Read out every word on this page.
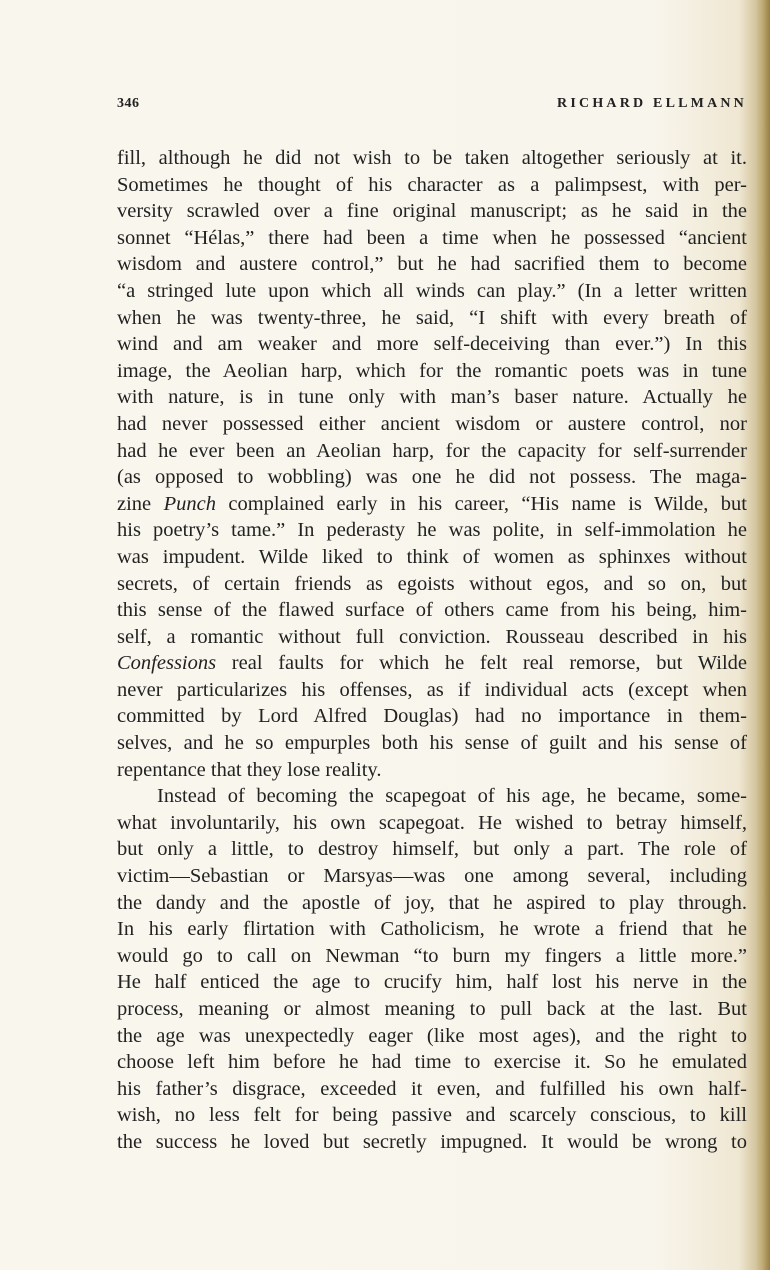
346	RICHARD ELLMANN
fill, although he did not wish to be taken altogether seriously at it.
Sometimes he thought of his character as a palimpsest, with per-
versity scrawled over a fine original manuscript; as he said in the
sonnet “Hélas,” there had been a time when he possessed “ancient
wisdom and austere control,” but he had sacrified them to become
“a stringed lute upon which all winds can play.” (In a letter written
when he was twenty-three, he said, “I shift with every breath of
wind and am weaker and more self-deceiving than ever.”) In this
image, the Aeolian harp, which for the romantic poets was in tune
with nature, is in tune only with man’s baser nature. Actually he
had never possessed either ancient wisdom or austere control, nor
had he ever been an Aeolian harp, for the capacity for self-surrender
(as opposed to wobbling) was one he did not possess. The maga-
zine Punch complained early in his career, “His name is Wilde, but
his poetry’s tame.” In pederasty he was polite, in self-immolation he
was impudent. Wilde liked to think of women as sphinxes without
secrets, of certain friends as egoists without egos, and so on, but
this sense of the flawed surface of others came from his being, him-
self, a romantic without full conviction. Rousseau described in his
Confessions real faults for which he felt real remorse, but Wilde
never particularizes his offenses, as if individual acts (except when
committed by Lord Alfred Douglas) had no importance in them-
selves, and he so empurples both his sense of guilt and his sense of
repentance that they lose reality.
Instead of becoming the scapegoat of his age, he became, some-
what involuntarily, his own scapegoat. He wished to betray himself,
but only a little, to destroy himself, but only a part. The role of
victim—Sebastian or Marsyas—was one among several, including
the dandy and the apostle of joy, that he aspired to play through.
In his early flirtation with Catholicism, he wrote a friend that he
would go to call on Newman “to burn my fingers a little more.”
He half enticed the age to crucify him, half lost his nerve in the
process, meaning or almost meaning to pull back at the last. But
the age was unexpectedly eager (like most ages), and the right to
choose left him before he had time to exercise it. So he emulated
his father’s disgrace, exceeded it even, and fulfilled his own half-
wish, no less felt for being passive and scarcely conscious, to kill
the success he loved but secretly impugned. It would be wrong to
